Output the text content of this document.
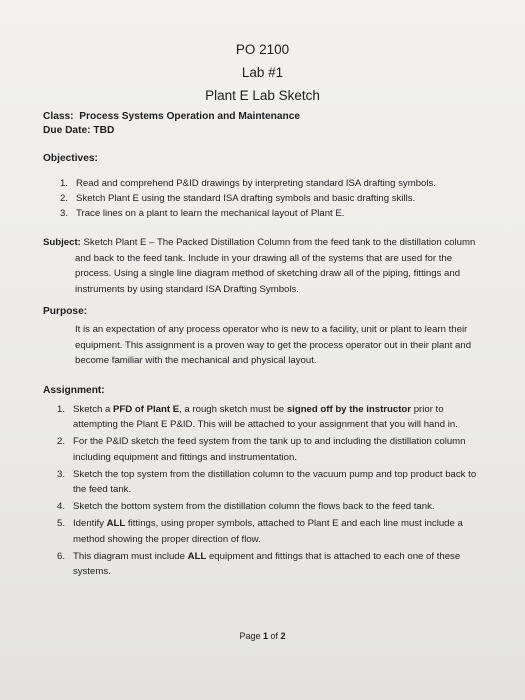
PO 2100
Lab #1
Plant E Lab Sketch
Class: Process Systems Operation and Maintenance
Due Date: TBD
Objectives:
1. Read and comprehend P&ID drawings by interpreting standard ISA drafting symbols.
2. Sketch Plant E using the standard ISA drafting symbols and basic drafting skills.
3. Trace lines on a plant to learn the mechanical layout of Plant E.
Subject: Sketch Plant E – The Packed Distillation Column from the feed tank to the distillation column and back to the feed tank. Include in your drawing all of the systems that are used for the process. Using a single line diagram method of sketching draw all of the piping, fittings and instruments by using standard ISA Drafting Symbols.
Purpose:
It is an expectation of any process operator who is new to a facility, unit or plant to learn their equipment. This assignment is a proven way to get the process operator out in their plant and become familiar with the mechanical and physical layout.
Assignment:
1. Sketch a PFD of Plant E, a rough sketch must be signed off by the instructor prior to attempting the Plant E P&ID. This will be attached to your assignment that you will hand in.
2. For the P&ID sketch the feed system from the tank up to and including the distillation column including equipment and fittings and instrumentation.
3. Sketch the top system from the distillation column to the vacuum pump and top product back to the feed tank.
4. Sketch the bottom system from the distillation column the flows back to the feed tank.
5. Identify ALL fittings, using proper symbols, attached to Plant E and each line must include a method showing the proper direction of flow.
6. This diagram must include ALL equipment and fittings that is attached to each one of these systems.
Page 1 of 2
